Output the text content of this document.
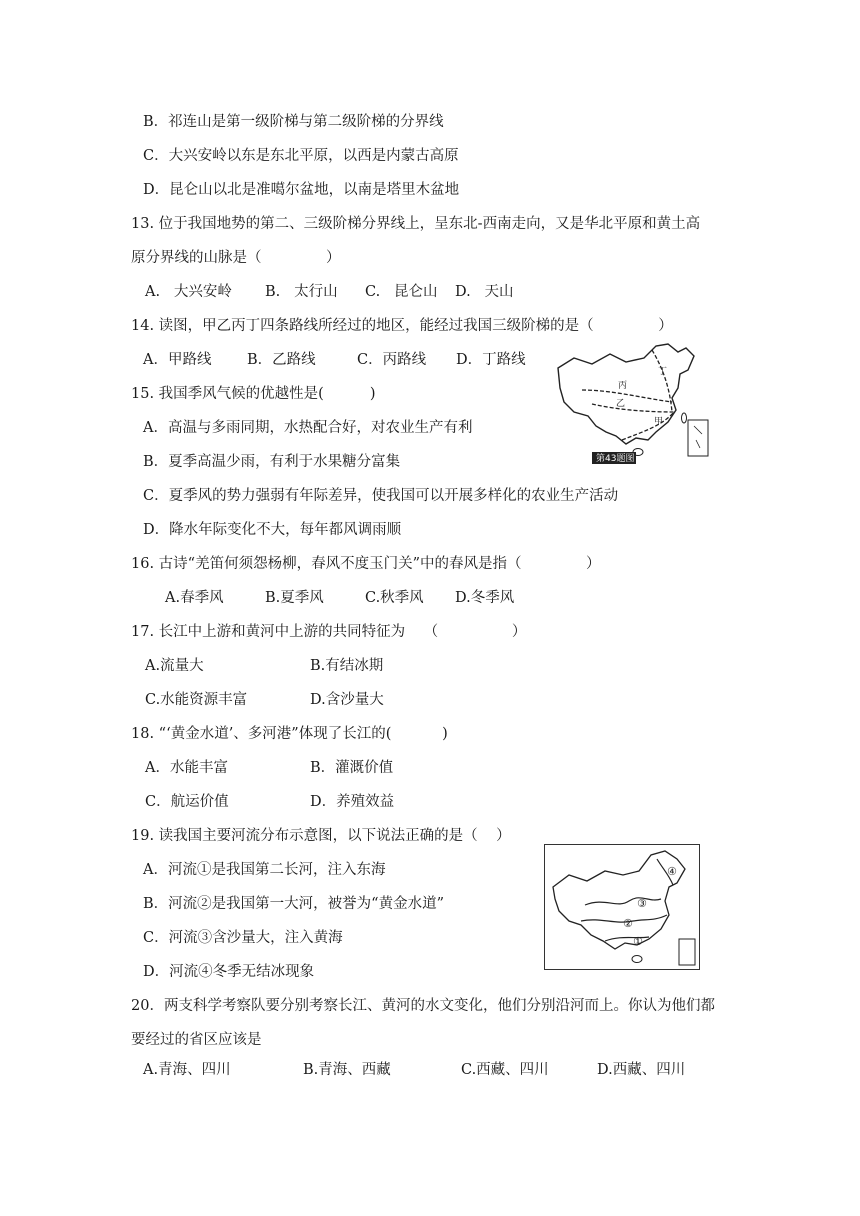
B．祁连山是第一级阶梯与第二级阶梯的分界线
C．大兴安岭以东是东北平原，以西是内蒙古高原
D．昆仑山以北是准噶尔盆地，以南是塔里木盆地
13. 位于我国地势的第二、三级阶梯分界线上，呈东北-西南走向，又是华北平原和黄土高
原分界线的山脉是（              ）
A.   大兴安岭 B.   太行山 C.   昆仑山 D.   天山
14. 读图，甲乙丙丁四条路线所经过的地区，能经过我国三级阶梯的是（              ）
A．甲路线 B．乙路线	C．丙路线 D．丁路线
丁
丙
乙
甲
第43题图
15. 我国季风气候的优越性是(          )
A．高温与多雨同期，水热配合好，对农业生产有利
B．夏季高温少雨，有利于水果糖分富集
C．夏季风的势力强弱有年际差异，使我国可以开展多样化的农业生产活动
D．降水年际变化不大，每年都风调雨顺
16. 古诗“羌笛何须怨杨柳，春风不度玉门关”中的春风是指（              ）
A.春季风	B.夏季风	C.秋季风 D.冬季风
17. 长江中上游和黄河中上游的共同特征为    （                ）
A.流量大	B.有结冰期
C.水能资源丰富	D.含沙量大
18. “‘黄金水道’、多河港”体现了长江的(           )
A．水能丰富	B．灌溉价值
C．航运价值	D．养殖效益
19. 读我国主要河流分布示意图，以下说法正确的是（    ）
A．河流①是我国第二长河，注入东海
B．河流②是我国第一大河，被誉为“黄金水道”
C．河流③含沙量大，注入黄海
D．河流④冬季无结冰现象
④
③
②
①
20．两支科学考察队要分别考察长江、黄河的水文变化，他们分别沿河而上。你认为他们都
要经过的省区应该是
A.青海、四川	B.青海、西藏	C.西藏、四川	D.西藏、四川
